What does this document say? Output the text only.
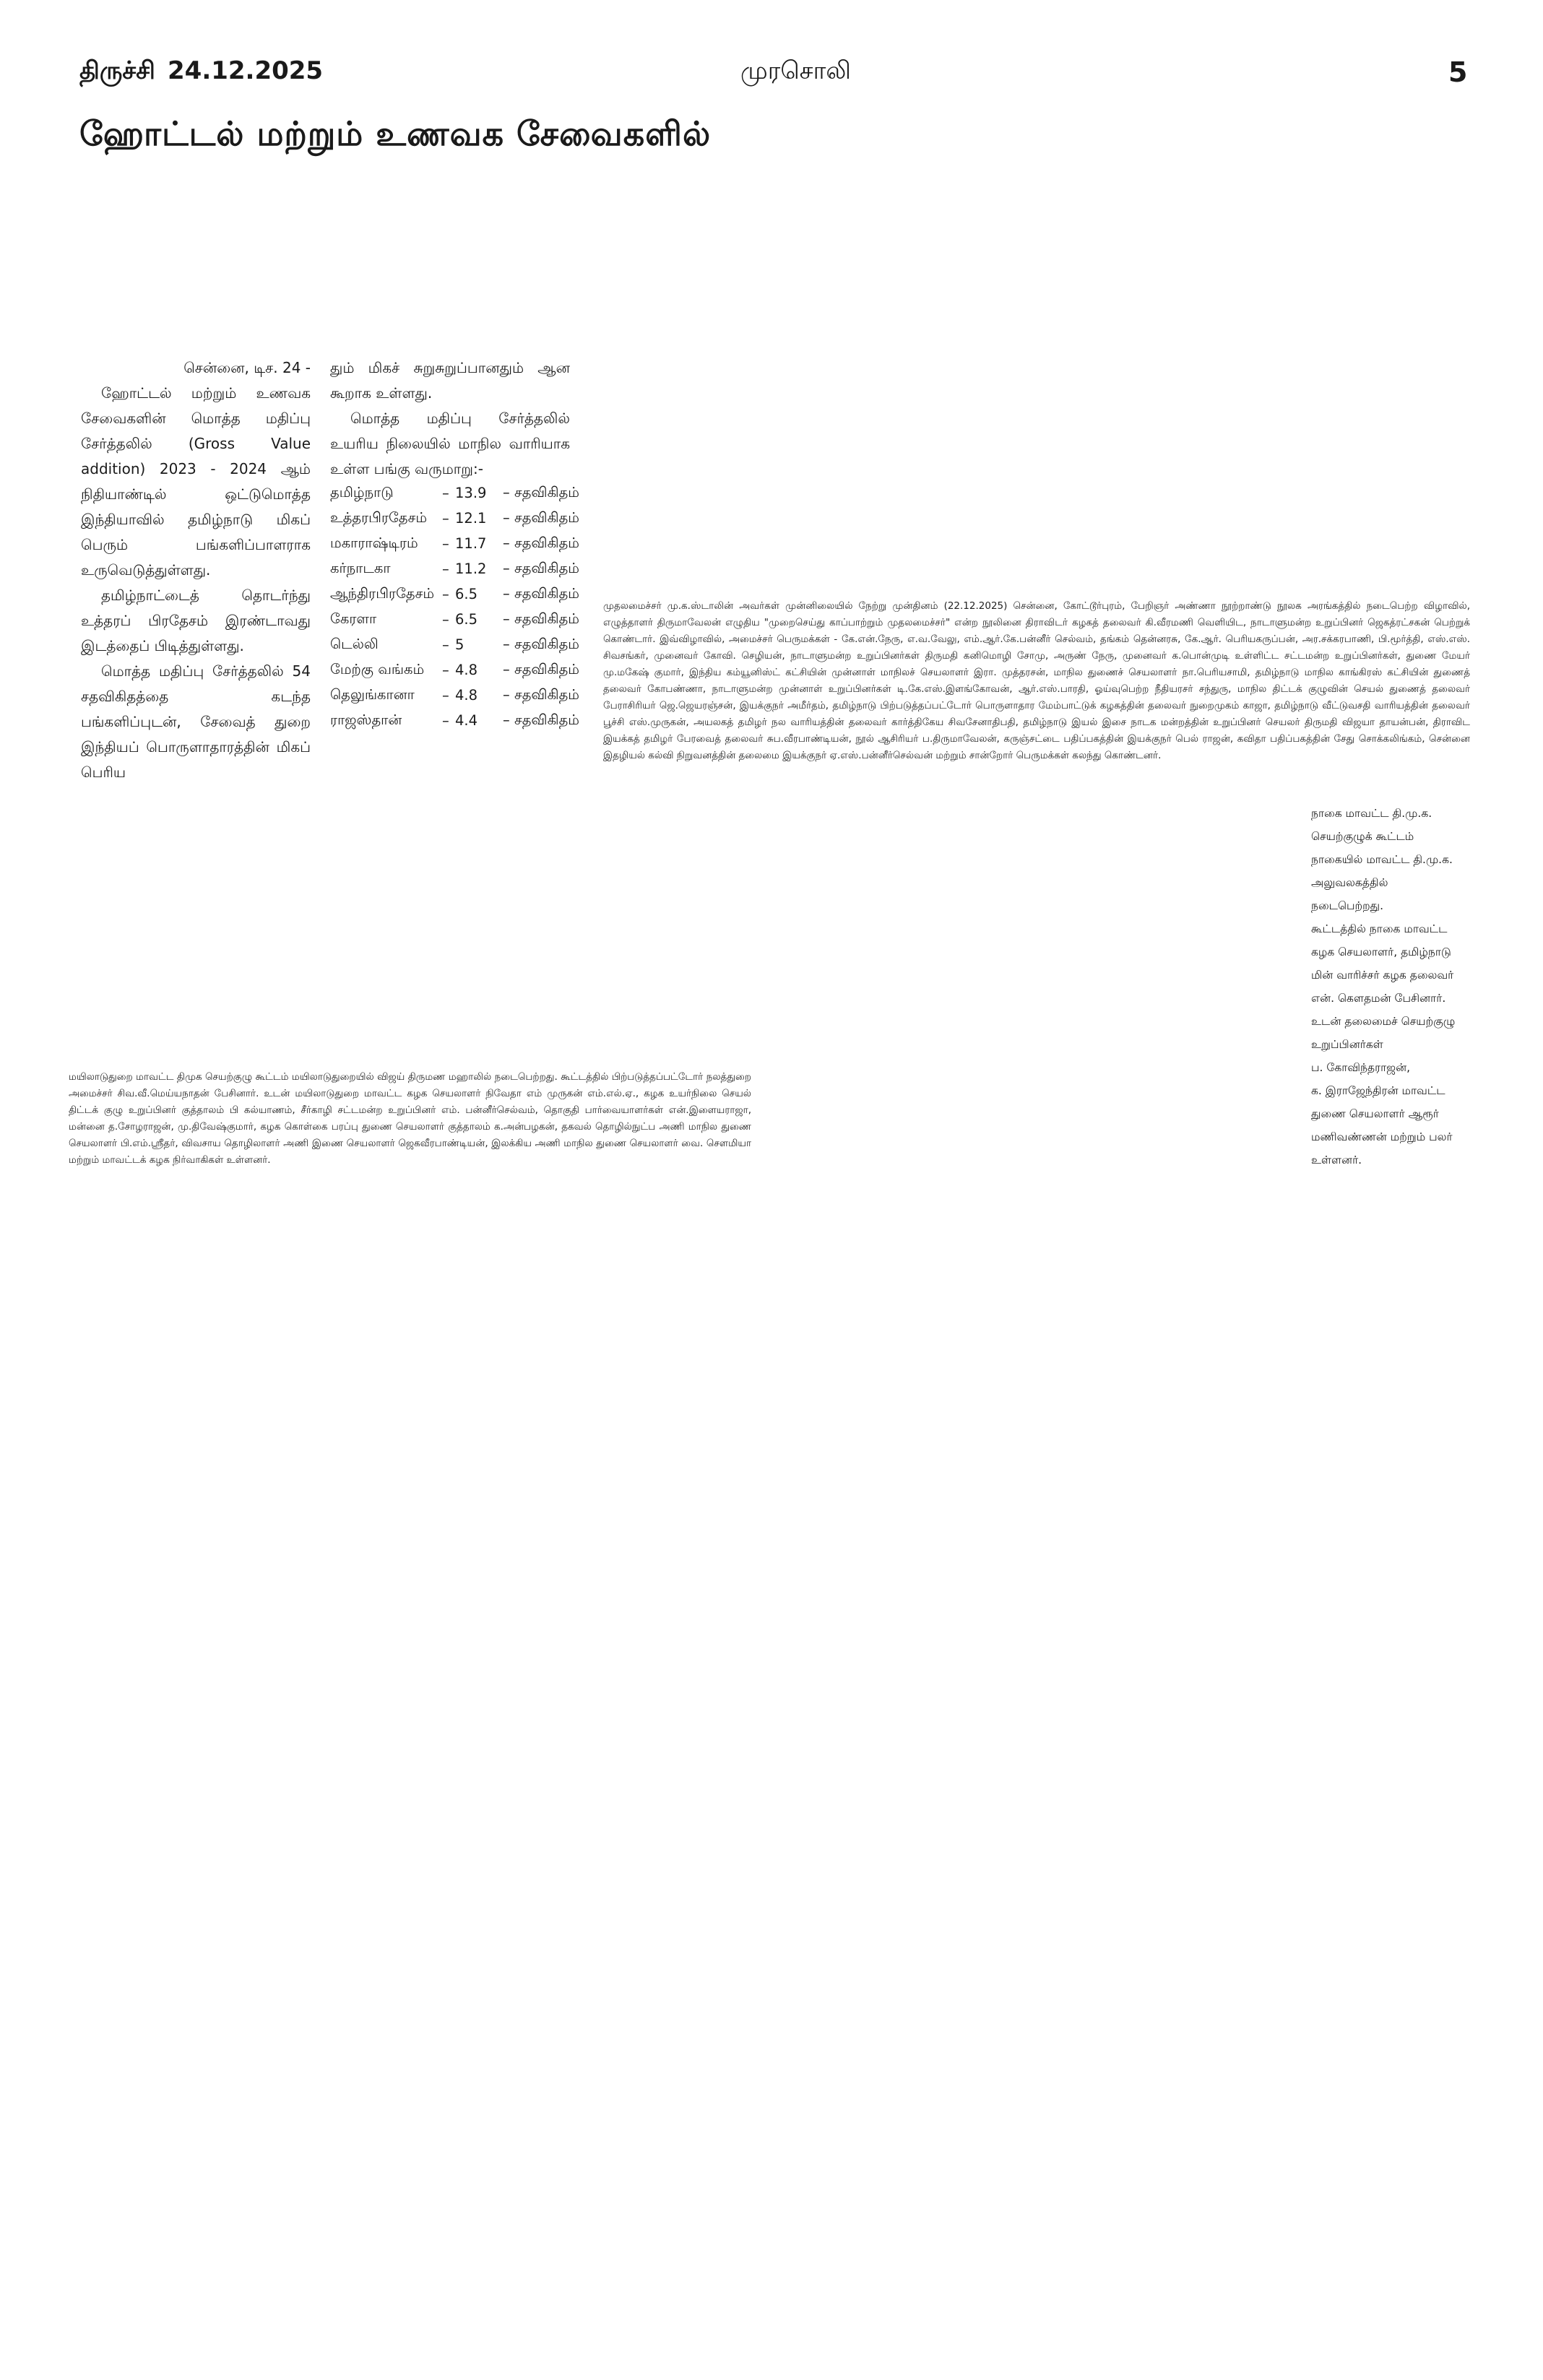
திருச்சி 24.12.2025	முரசொலி	5
ஹோட்டல் மற்றும் உணவக சேவைகளில்

சென்னை, டிச. 24 -

ஹோட்டல் மற்றும் உணவக சேவைகளின் மொத்த மதிப்பு சேர்த்தலில் (Gross Value addition) 2023 - 2024 ஆம் நிதியாண்டில் ஒட்டுமொத்த இந்தியாவில் தமிழ்நாடு மிகப் பெரும் பங்களிப்பாளராக உருவெடுத்துள்ளது.

தமிழ்நாட்டைத் தொடர்ந்து உத்தரப் பிரதேசம் இரண்டாவது இடத்தைப் பிடித்துள்ளது.

மொத்த மதிப்பு சேர்த்தலில் 54 சதவிகிதத்தை கடந்த பங்களிப்புடன், சேவைத் துறை இந்தியப் பொருளாதாரத்தின் மிகப் பெரிய

தும் மிகச் சுறுசுறுப்பானதும் ஆன கூறாக உள்ளது.

மொத்த மதிப்பு சேர்த்தலில் உயரிய நிலையில் மாநில வாரியாக உள்ள பங்கு வருமாறு:-

தமிழ்நாடு	– 13.9	– சதவிகிதம்
உத்தரபிரதேசம்	– 12.1	– சதவிகிதம்
மகாராஷ்டிரம்	– 11.7	– சதவிகிதம்
கர்நாடகா	– 11.2	– சதவிகிதம்
ஆந்திரபிரதேசம் – 6.5	– சதவிகிதம்
கேரளா	– 6.5	– சதவிகிதம்
டெல்லி	– 5	– சதவிகிதம்
மேற்கு வங்கம்	– 4.8	– சதவிகிதம்
தெலுங்கானா	– 4.8	– சதவிகிதம்
ராஜஸ்தான்	– 4.4	– சதவிகிதம்
முதலமைச்சர் மு.க.ஸ்டாலின் அவர்கள் முன்னிலையில் நேற்று முன்தினம் (22.12.2025) சென்னை, கோட்டூர்புரம், பேறிஞர் அண்ணா நூற்றாண்டு நூலக அரங்கத்தில் நடைபெற்ற விழாவில், எழுத்தாளர் திருமாவேலன் எழுதிய "முறைசெய்து காப்பாற்றும் முதலமைச்சர்" என்ற நூலினை திராவிடர் கழகத் தலைவர் கி.வீரமணி வெளியிட, நாடாளுமன்ற உறுப்பினர் ஜெகத்ரட்சகன் பெற்றுக் கொண்டார். இவ்விழாவில், அமைச்சர் பெருமக்கள் - கே.என்.நேரு, எ.வ.வேலு, எம்.ஆர்.கே.பன்னீர் செல்வம், தங்கம் தென்னரசு, கே.ஆர். பெரியகருப்பன், அர.சக்கரபாணி, பி.மூர்த்தி, எஸ்.எஸ். சிவசங்கர், முனைவர் கோவி. செழியன், நாடாளுமன்ற உறுப்பினர்கள் திருமதி கனிமொழி சோமு, அருண் நேரு, முனைவர் க.பொன்முடி உள்ளிட்ட சட்டமன்ற உறுப்பினர்கள், துணை மேயர் மு.மகேஷ் குமார், இந்திய கம்யூனிஸ்ட் கட்சியின் முன்னாள் மாநிலச் செயலாளர் இரா. முத்தரசன், மாநில துணைச் செயலாளர் நா.பெரியசாமி, தமிழ்நாடு மாநில காங்கிரஸ் கட்சியின் துணைத் தலைவர் கோபண்ணா, நாடாளுமன்ற முன்னாள் உறுப்பினர்கள் டி.கே.எஸ்.இளங்கோவன், ஆர்.எஸ்.பாரதி, ஓய்வுபெற்ற நீதியரசர் சந்துரு, மாநில திட்டக் குழுவின் செயல் துணைத் தலைவர் பேராசிரியர் ஜெ.ஜெயரஞ்சன், இயக்குநர் அமீர்தம், தமிழ்நாடு பிற்படுத்தப்பட்டோர் பொருளாதார மேம்பாட்டுக் கழகத்தின் தலைவர் நுறைமுகம் காஜா, தமிழ்நாடு வீட்டுவசதி வாரியத்தின் தலைவர் பூச்சி எஸ்.முருகன், அயலகத் தமிழர் நல வாரியத்தின் தலைவர் கார்த்திகேய சிவசேனாதிபதி, தமிழ்நாடு இயல் இசை நாடக மன்றத்தின் உறுப்பினர் செயலர் திருமதி விஜயா தாயன்பன், திராவிட இயக்கத் தமிழர் பேரவைத் தலைவர் சுப.வீரபாண்டியன், நூல் ஆசிரியர் ப.திருமாவேலன், கருஞ்சட்டை பதிப்பகத்தின் இயக்குநர் பெல் ராஜன், கவிதா பதிப்பகத்தின் சேது சொக்கலிங்கம், சென்னை இதழியல் கல்வி நிறுவனத்தின் தலைமை இயக்குநர் ஏ.எஸ்.பன்னீர்செல்வன் மற்றும் சான்றோர் பெருமக்கள் கலந்து கொண்டனர்.
மயிலாடுதுறை மாவட்ட திமுக செயற்குழு கூட்டம் மயிலாடுதுறையில் விஜய் திருமண மஹாலில் நடைபெற்றது. கூட்டத்தில் பிற்படுத்தப்பட்டோர் நலத்துறை அமைச்சர் சிவ.வீ.மெய்யநாதன் பேசினார். உடன் மயிலாடுதுறை மாவட்ட கழக செயலாளர் நிவேதா எம் முருகன் எம்.எல்.ஏ., கழக உயர்நிலை செயல் திட்டக் குழு உறுப்பினர் குத்தாலம் பி கல்யாணம், சீர்காழி சட்டமன்ற உறுப்பினர் எம். பன்னீர்செல்வம், தொகுதி பார்வையாளர்கள் என்.இளையராஜா, மன்னை த.சோழராஜன், மு.திவேஷ்குமார், கழக கொள்கை பரப்பு துணை செயலாளர் குத்தாலம் க.அன்பழகன், தகவல் தொழில்நுட்ப அணி மாநில துணை செயலாளர் பி.எம்.ஸ்ரீதர், விவசாய தொழிலாளர் அணி இணை செயலாளர் ஜெகவீரபாண்டியன், இலக்கிய அணி மாநில துணை செயலாளர் வை. செளமியா மற்றும் மாவட்டக் கழக நிர்வாகிகள் உள்ளனர்.

நாகை மாவட்ட தி.மு.க.

செயற்குழுக் கூட்டம்

நாகையில் மாவட்ட தி.மு.க.

அலுவலகத்தில்

நடைபெற்றது.

கூட்டத்தில் நாகை மாவட்ட

கழக செயலாளர், தமிழ்நாடு

மின் வாரிச்சர் கழக தலைவர்

என். கௌதமன் பேசினார்.

உடன் தலைமைச் செயற்குழு

உறுப்பினர்கள்

ப. கோவிந்தராஜன்,

க. இராஜேந்திரன் மாவட்ட

துணை செயலாளர் ஆரூர்

மணிவண்ணன் மற்றும் பலர்

உள்ளனர்.
